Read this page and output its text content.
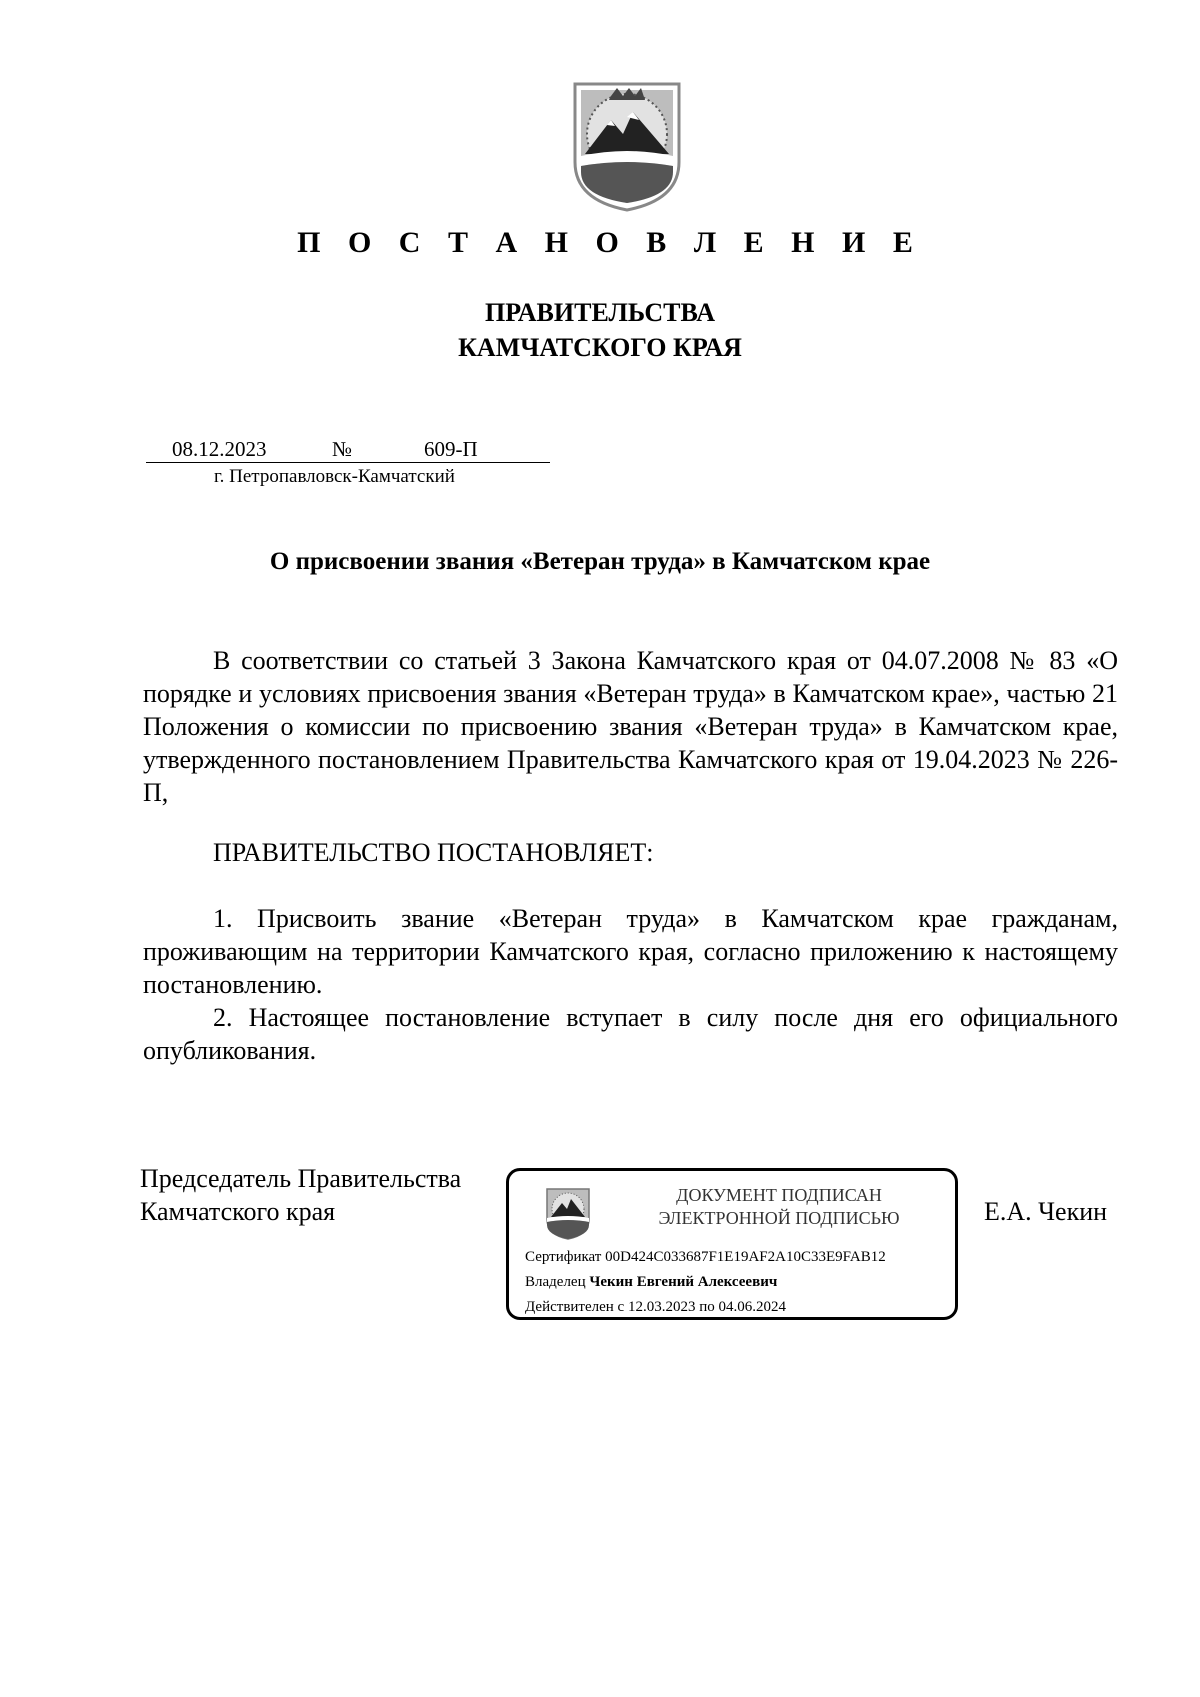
П О С Т А Н О В Л Е Н И Е
ПРАВИТЕЛЬСТВА
КАМЧАТСКОГО КРАЯ
08.12.2023	№	609-П
г. Петропавловск-Камчатский
О присвоении звания «Ветеран труда» в Камчатском крае

В соответствии со статьей 3 Закона Камчатского края от 04.07.2008 № 83 «О порядке и условиях присвоения звания «Ветеран труда» в Камчатском крае», частью 21 Положения о комиссии по присвоению звания «Ветеран труда» в Камчатском крае, утвержденного постановлением Правительства Камчатского края от 19.04.2023 № 226-П,

ПРАВИТЕЛЬСТВО ПОСТАНОВЛЯЕТ:

1. Присвоить звание «Ветеран труда» в Камчатском крае гражданам, проживающим на территории Камчатского края, согласно приложению к настоящему постановлению.

2. Настоящее постановление вступает в силу после дня его официального опубликования.

Председатель Правительства
Камчатского края	Е.А. Чекин
ДОКУМЕНТ ПОДПИСАН
ЭЛЕКТРОННОЙ ПОДПИСЬЮ
Сертификат 00D424C033687F1E19AF2A10C33E9FAB12
Владелец Чекин Евгений Алексеевич
Действителен с 12.03.2023 по 04.06.2024
